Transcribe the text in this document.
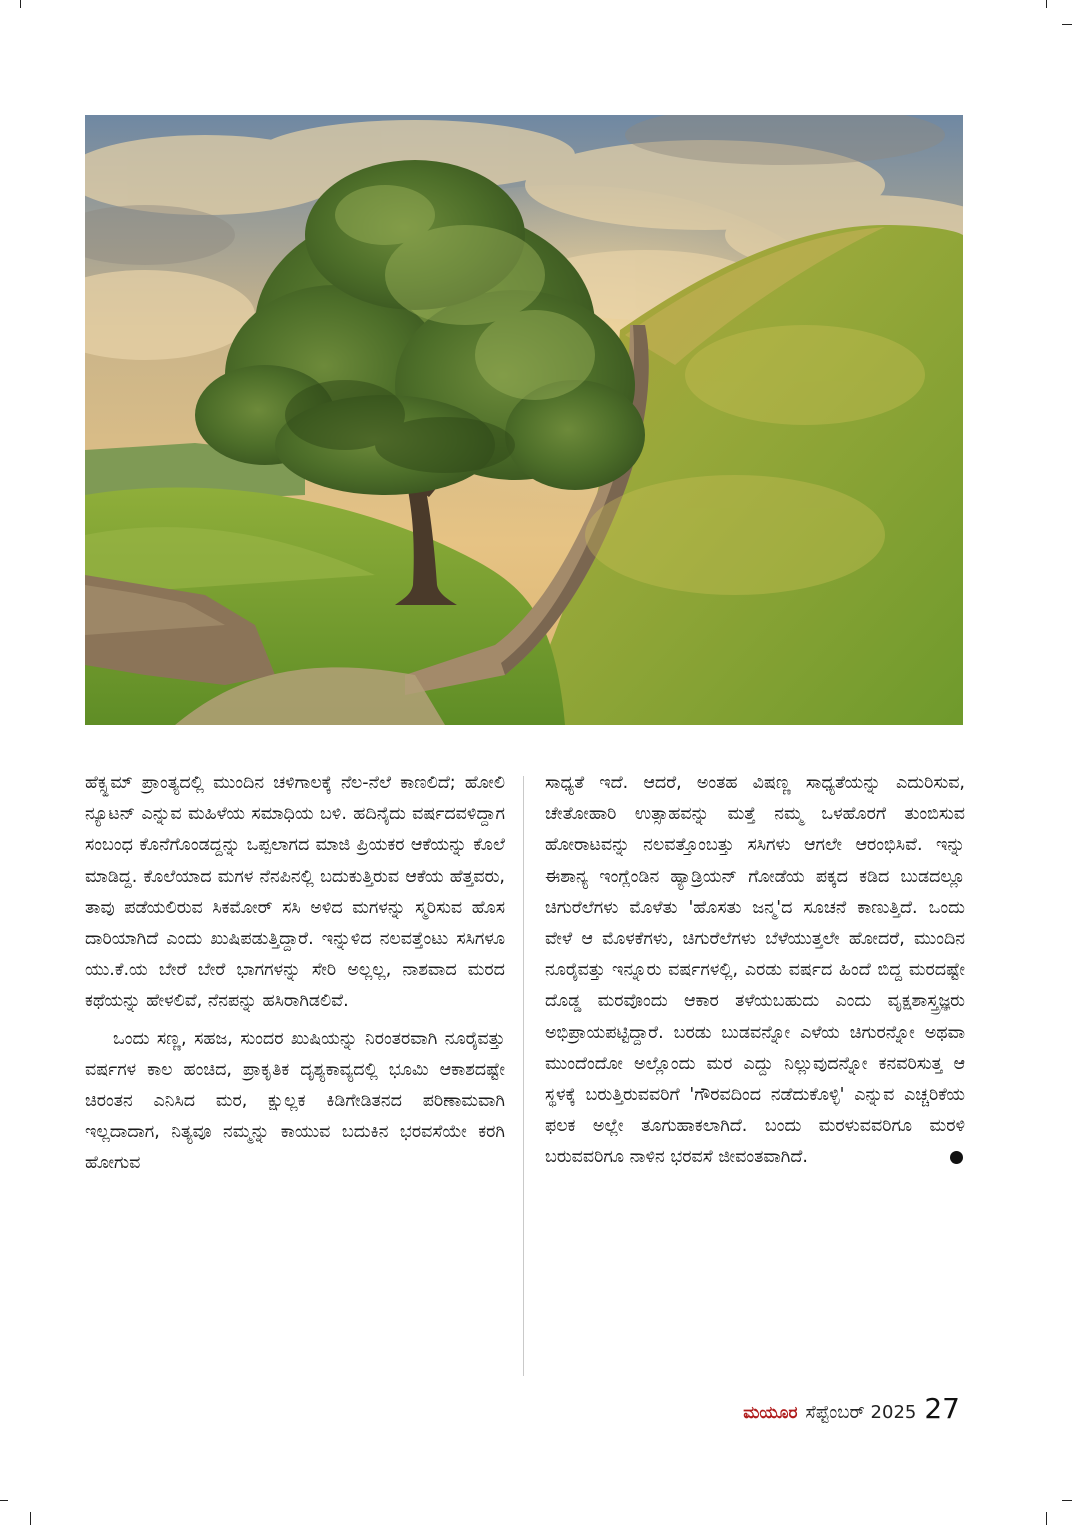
ಹೆಕ್ಸ್ಹಮ್ ಪ್ರಾಂತ್ಯದಲ್ಲಿ ಮುಂದಿನ ಚಳಿಗಾಲಕ್ಕೆ ನೆಲ-ನೆಲೆ ಕಾಣಲಿದೆ; ಹೋಲಿ ನ್ಯೂಟನ್ ಎನ್ನುವ ಮಹಿಳೆಯ ಸಮಾಧಿಯ ಬಳಿ. ಹದಿನೈದು ವರ್ಷದವಳಿದ್ದಾಗ ಸಂಬಂಧ ಕೊನೆಗೊಂಡದ್ದನ್ನು ಒಪ್ಪಲಾಗದ ಮಾಜಿ ಪ್ರಿಯಕರ ಆಕೆಯನ್ನು ಕೊಲೆ ಮಾಡಿದ್ದ. ಕೊಲೆಯಾದ ಮಗಳ ನೆನಪಿನಲ್ಲಿ ಬದುಕುತ್ತಿರುವ ಆಕೆಯ ಹೆತ್ತವರು, ತಾವು ಪಡೆಯಲಿರುವ ಸಿಕಮೋರ್ ಸಸಿ ಅಳಿದ ಮಗಳನ್ನು ಸ್ಮರಿಸುವ ಹೊಸ ದಾರಿಯಾಗಿದೆ ಎಂದು ಖುಷಿಪಡುತ್ತಿದ್ದಾರೆ. ಇನ್ನುಳಿದ ನಲವತ್ತೆಂಟು ಸಸಿಗಳೂ ಯು.ಕೆ.ಯ ಬೇರೆ ಬೇರೆ ಭಾಗಗಳನ್ನು ಸೇರಿ ಅಲ್ಲಲ್ಲ, ನಾಶವಾದ ಮರದ ಕಥೆಯನ್ನು ಹೇಳಲಿವೆ, ನೆನಪನ್ನು ಹಸಿರಾಗಿಡಲಿವೆ.

ಒಂದು ಸಣ್ಣ, ಸಹಜ, ಸುಂದರ ಖುಷಿಯನ್ನು ನಿರಂತರವಾಗಿ ನೂರೈವತ್ತು ವರ್ಷಗಳ ಕಾಲ ಹಂಚಿದ, ಪ್ರಾಕೃತಿಕ ದೃಶ್ಯಕಾವ್ಯದಲ್ಲಿ ಭೂಮಿ ಆಕಾಶದಷ್ಟೇ ಚಿರಂತನ ಎನಿಸಿದ ಮರ, ಕ್ಷುಲ್ಲಕ ಕಿಡಿಗೇಡಿತನದ ಪರಿಣಾಮವಾಗಿ ಇಲ್ಲದಾದಾಗ, ನಿತ್ಯವೂ ನಮ್ಮನ್ನು ಕಾಯುವ ಬದುಕಿನ ಭರವಸೆಯೇ ಕರಗಿ ಹೋಗುವ

ಸಾಧ್ಯತೆ ಇದೆ. ಆದರೆ, ಅಂತಹ ವಿಷಣ್ಣ ಸಾಧ್ಯತೆಯನ್ನು ಎದುರಿಸುವ, ಚೇತೋಹಾರಿ ಉತ್ಸಾಹವನ್ನು ಮತ್ತೆ ನಮ್ಮ ಒಳಹೊರಗೆ ತುಂಬಿಸುವ ಹೋರಾಟವನ್ನು ನಲವತ್ತೊಂಬತ್ತು ಸಸಿಗಳು ಆಗಲೇ ಆರಂಭಿಸಿವೆ. ಇನ್ನು ಈಶಾನ್ಯ ಇಂಗ್ಲೆಂಡಿನ ಹ್ಯಾಡ್ರಿಯನ್ ಗೋಡೆಯ ಪಕ್ಕದ ಕಡಿದ ಬುಡದಲ್ಲೂ ಚಿಗುರೆಲೆಗಳು ಮೊಳೆತು 'ಹೊಸತು ಜನ್ಮ'ದ ಸೂಚನೆ ಕಾಣುತ್ತಿದೆ. ಒಂದು ವೇಳೆ ಆ ಮೊಳಕೆಗಳು, ಚಿಗುರೆಲೆಗಳು ಬೆಳೆಯುತ್ತಲೇ ಹೋದರೆ, ಮುಂದಿನ ನೂರೈವತ್ತು ಇನ್ನೂರು ವರ್ಷಗಳಲ್ಲಿ, ಎರಡು ವರ್ಷದ ಹಿಂದೆ ಬಿದ್ದ ಮರದಷ್ಟೇ ದೊಡ್ಡ ಮರವೊಂದು ಆಕಾರ ತಳೆಯಬಹುದು ಎಂದು ವೃಕ್ಷಶಾಸ್ತ್ರಜ್ಞರು ಅಭಿಪ್ರಾಯಪಟ್ಟಿದ್ದಾರೆ. ಬರಡು ಬುಡವನ್ನೋ ಎಳೆಯ ಚಿಗುರನ್ನೋ ಅಥವಾ ಮುಂದೆಂದೋ ಅಲ್ಲೊಂದು ಮರ ಎದ್ದು ನಿಲ್ಲುವುದನ್ನೋ ಕನವರಿಸುತ್ತ ಆ ಸ್ಥಳಕ್ಕೆ ಬರುತ್ತಿರುವವರಿಗೆ 'ಗೌರವದಿಂದ ನಡೆದುಕೊಳ್ಳಿ' ಎನ್ನುವ ಎಚ್ಚರಿಕೆಯ ಫಲಕ ಅಲ್ಲೇ ತೂಗುಹಾಕಲಾಗಿದೆ. ಬಂದು ಮರಳುವವರಿಗೂ ಮರಳಿ ಬರುವವರಿಗೂ ನಾಳಿನ ಭರವಸೆ ಜೀವಂತವಾಗಿದೆ.

ಮಯೂರ ಸೆಪ್ಟೆಂಬರ್ 2025 27
